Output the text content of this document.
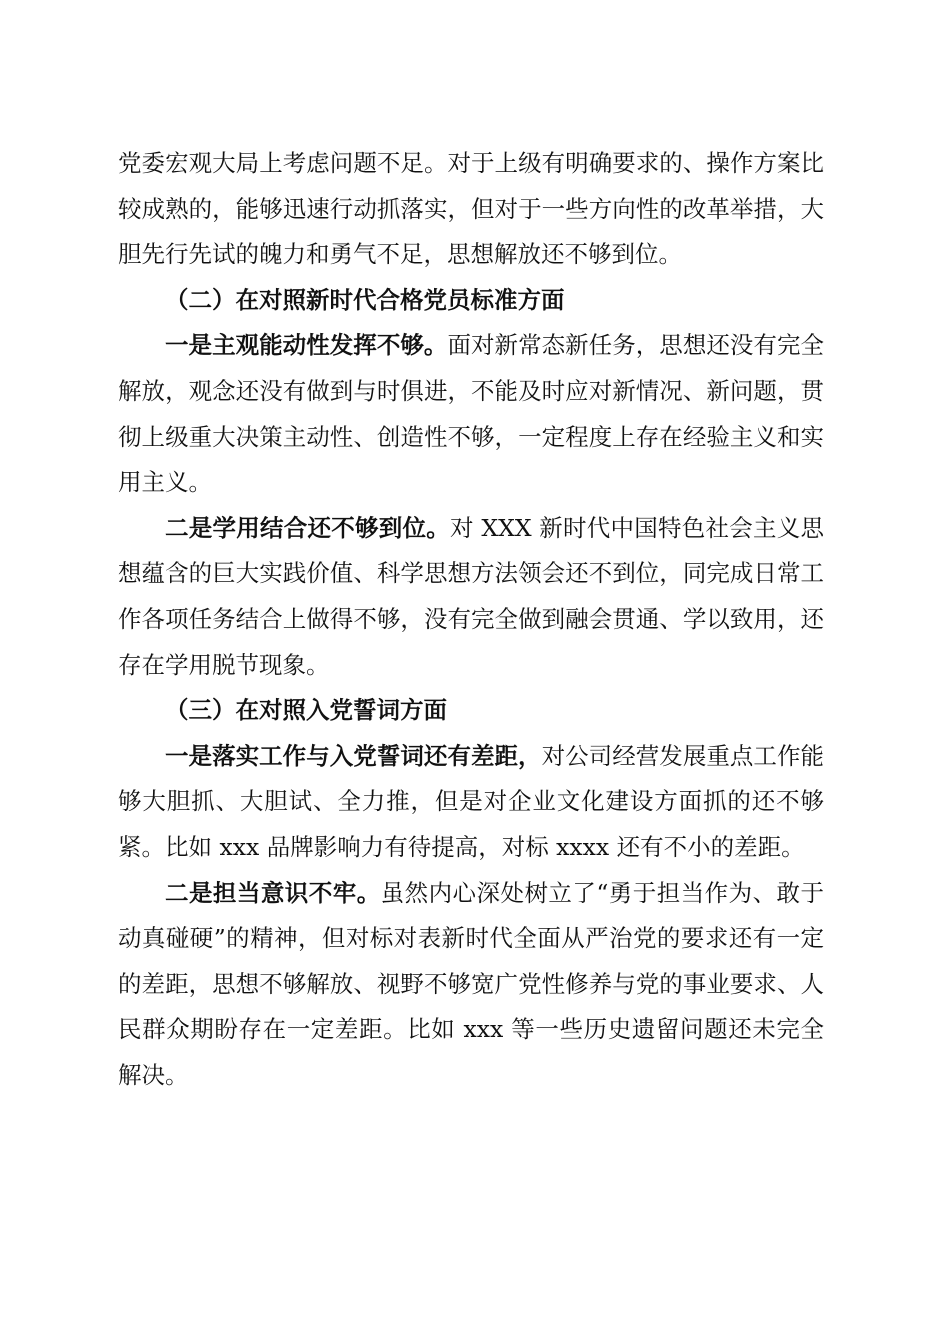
党委宏观大局上考虑问题不足。对于上级有明确要求的、操作方案比较成熟的，能够迅速行动抓落实，但对于一些方向性的改革举措，大胆先行先试的魄力和勇气不足，思想解放还不够到位。

（二）在对照新时代合格党员标准方面

一是主观能动性发挥不够。面对新常态新任务，思想还没有完全解放，观念还没有做到与时俱进，不能及时应对新情况、新问题，贯彻上级重大决策主动性、创造性不够，一定程度上存在经验主义和实用主义。

二是学用结合还不够到位。对 XXX 新时代中国特色社会主义思想蕴含的巨大实践价值、科学思想方法领会还不到位，同完成日常工作各项任务结合上做得不够，没有完全做到融会贯通、学以致用，还存在学用脱节现象。

（三）在对照入党誓词方面

一是落实工作与入党誓词还有差距，对公司经营发展重点工作能够大胆抓、大胆试、全力推，但是对企业文化建设方面抓的还不够紧。比如 xxx 品牌影响力有待提高，对标 xxxx 还有不小的差距。

二是担当意识不牢。虽然内心深处树立了“勇于担当作为、敢于动真碰硬”的精神，但对标对表新时代全面从严治党的要求还有一定的差距，思想不够解放、视野不够宽广党性修养与党的事业要求、人民群众期盼存在一定差距。比如 xxx 等一些历史遗留问题还未完全解决。
